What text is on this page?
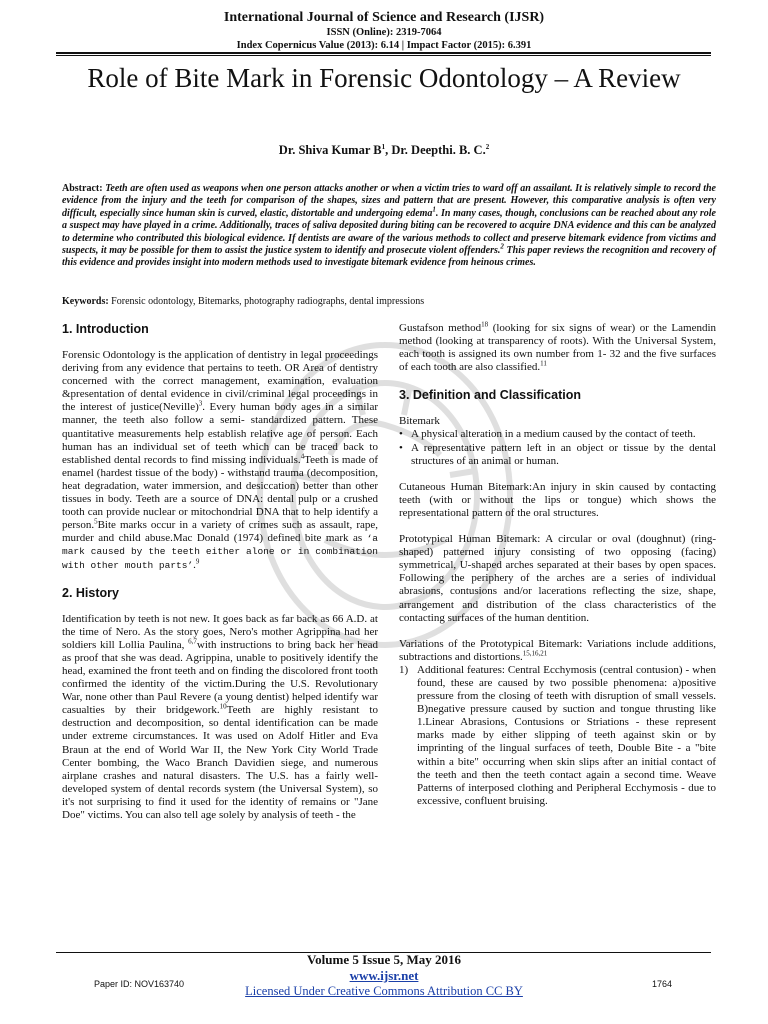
International Journal of Science and Research (IJSR)
ISSN (Online): 2319-7064
Index Copernicus Value (2013): 6.14 | Impact Factor (2015): 6.391
Role of Bite Mark in Forensic Odontology – A Review
Dr. Shiva Kumar $B^1$, Dr. Deepthi. B. C.$^2$
Abstract: Teeth are often used as weapons when one person attacks another or when a victim tries to ward off an assailant. It is relatively simple to record the evidence from the injury and the teeth for comparison of the shapes, sizes and pattern that are present. However, this comparative analysis is often very difficult, especially since human skin is curved, elastic, distortable and undergoing edema$^1$. In many cases, though, conclusions can be reached about any role a suspect may have played in a crime. Additionally, traces of saliva deposited during biting can be recovered to acquire DNA evidence and this can be analyzed to determine who contributed this biological evidence. If dentists are aware of the various methods to collect and preserve bitemark evidence from victims and suspects, it may be possible for them to assist the justice system to identify and prosecute violent offenders.$^2$ This paper reviews the recognition and recovery of this evidence and provides insight into modern methods used to investigate bitemark evidence from heinous crimes.
Keywords: Forensic odontology, Bitemarks, photography radiographs, dental impressions
1. Introduction

Forensic Odontology is the application of dentistry in legal proceedings deriving from any evidence that pertains to teeth. OR Area of dentistry concerned with the correct management, examination, evaluation &presentation of dental evidence in civil/criminal legal proceedings in the interest of justice(Neville)$^3$. Every human body ages in a similar manner, the teeth also follow a semi- standardized pattern. These quantitative measurements help establish relative age of person. Each human has an individual set of teeth which can be traced back to established dental records to find missing individuals.$^4$Teeth is made of enamel (hardest tissue of the body) - withstand trauma (decomposition, heat degradation, water immersion, and desiccation) better than other tissues in body. Teeth are a source of DNA: dental pulp or a crushed tooth can provide nuclear or mitochondrial DNA that to help identify a person.$^5$Bite marks occur in a variety of crimes such as assault, rape, murder and child abuse.Mac Donald (1974) defined bite mark as ‘a mark caused by the teeth either alone or in combination with other mouth parts’.$^9$

2. History

Identification by teeth is not new. It goes back as far back as 66 A.D. at the time of Nero. As the story goes, Nero's mother Agrippina had her soldiers kill Lollia Paulina, $^{6,7}$with instructions to bring back her head as proof that she was dead. Agrippina, unable to positively identify the head, examined the front teeth and on finding the discolored front tooth confirmed the identity of the victim.During the U.S. Revolutionary War, none other than Paul Revere (a young dentist) helped identify war casualties by their bridgework.$^{10}$Teeth are highly resistant to destruction and decomposition, so dental identification can be made under extreme circumstances. It was used on Adolf Hitler and Eva Braun at the end of World War II, the New York City World Trade Center bombing, the Waco Branch Davidien siege, and numerous airplane crashes and natural disasters. The U.S. has a fairly well-developed system of dental records system (the Universal System), so it's not surprising to find it used for the identity of remains or "Jane Doe" victims. You can also tell age solely by analysis of teeth - the

Gustafson method$^{18}$ (looking for six signs of wear) or the Lamendin method (looking at transparency of roots). With the Universal System, each tooth is assigned its own number from 1- 32 and the five surfaces of each tooth are also classified.$^{11}$

3. Definition and Classification

Bitemark

• A physical alteration in a medium caused by the contact of teeth.
• A representative pattern left in an object or tissue by the dental structures of an animal or human.

Cutaneous Human Bitemark:An injury in skin caused by contacting teeth (with or without the lips or tongue) which shows the representational pattern of the oral structures.

Prototypical Human Bitemark: A circular or oval (doughnut) (ring-shaped) patterned injury consisting of two opposing (facing) symmetrical, U-shaped arches separated at their bases by open spaces. Following the periphery of the arches are a series of individual abrasions, contusions and/or lacerations reflecting the size, shape, arrangement and distribution of the class characteristics of the contacting surfaces of the human dentition.

Variations of the Prototypical Bitemark: Variations include additions, subtractions and distortions.$^{15,16,21}$

1) Additional features: Central Ecchymosis (central contusion) - when found, these are caused by two possible phenomena: a)positive pressure from the closing of teeth with disruption of small vessels. B)negative pressure caused by suction and tongue thrusting like 1.Linear Abrasions, Contusions or Striations - these represent marks made by either slipping of teeth against skin or by imprinting of the lingual surfaces of teeth, Double Bite - a "bite within a bite" occurring when skin slips after an initial contact of the teeth and then the teeth contact again a second time. Weave Patterns of interposed clothing and Peripheral Ecchymosis - due to excessive, confluent bruising.
Volume 5 Issue 5, May 2016
www.ijsr.net
Licensed Under Creative Commons Attribution CC BY
Paper ID: NOV163740	1764
